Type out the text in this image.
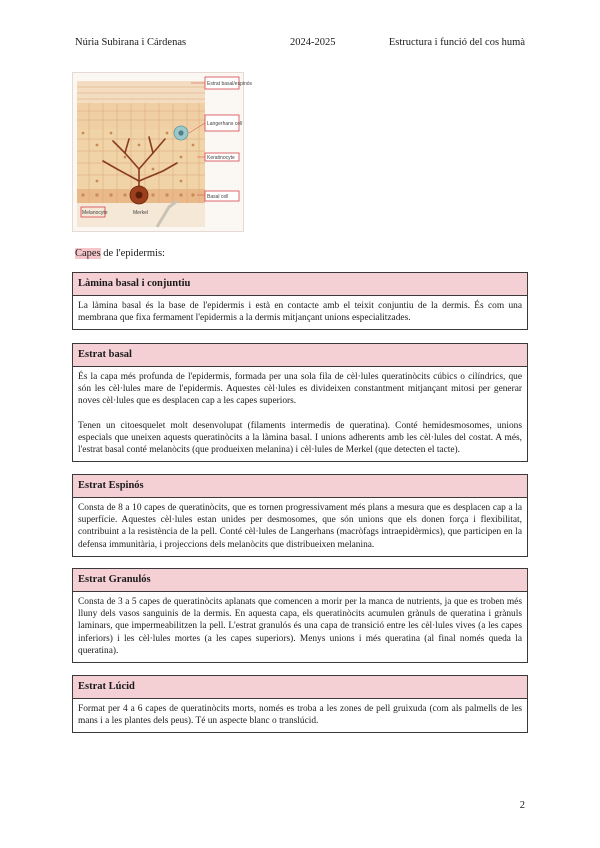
Núria Subirana i Cárdenas	2024-2025	Estructura i funció del cos humà
Estrat basal/espinós
Langerhans cell
Keratinocyte
Basal cell
Melanocyte	Merkel
Capes de l'epidermis:
Làmina basal i conjuntiu

La làmina basal és la base de l'epidermis i està en contacte amb el teixit conjuntiu de la dermis. És com una membrana que fixa fermament l'epidermis a la dermis mitjançant unions especialitzades.

Estrat basal

És la capa més profunda de l'epidermis, formada per una sola fila de cèl·lules queratinòcits cúbics o cilíndrics, que són les cèl·lules mare de l'epidermis. Aquestes cèl·lules es divideixen constantment mitjançant mitosi per generar noves cèl·lules que es desplacen cap a les capes superiors.

Tenen un citoesquelet molt desenvolupat (filaments intermedis de queratina). Conté hemidesmosomes, unions especials que uneixen aquests queratinòcits a la làmina basal. I unions adherents amb les cèl·lules del costat. A més, l'estrat basal conté melanòcits (que produeixen melanina) i cèl·lules de Merkel (que detecten el tacte).

Estrat Espinós

Consta de 8 a 10 capes de queratinòcits, que es tornen progressivament més plans a mesura que es desplacen cap a la superfície. Aquestes cèl·lules estan unides per desmosomes, que són unions que els donen força i flexibilitat, contribuint a la resistència de la pell. Conté cèl·lules de Langerhans (macròfags intraepidèrmics), que participen en la defensa immunitària, i projeccions dels melanòcits que distribueixen melanina.

Estrat Granulós

Consta de 3 a 5 capes de queratinòcits aplanats que comencen a morir per la manca de nutrients, ja que es troben més lluny dels vasos sanguinis de la dermis. En aquesta capa, els queratinòcits acumulen grànuls de queratina i grànuls laminars, que impermeabilitzen la pell. L'estrat granulós és una capa de transició entre les cèl·lules vives (a les capes inferiors) i les cèl·lules mortes (a les capes superiors). Menys unions i més queratina (al final només queda la queratina).

Estrat Lúcid

Format per 4 a 6 capes de queratinòcits morts, només es troba a les zones de pell gruixuda (com als palmells de les mans i a les plantes dels peus). Té un aspecte blanc o translúcid.

2
